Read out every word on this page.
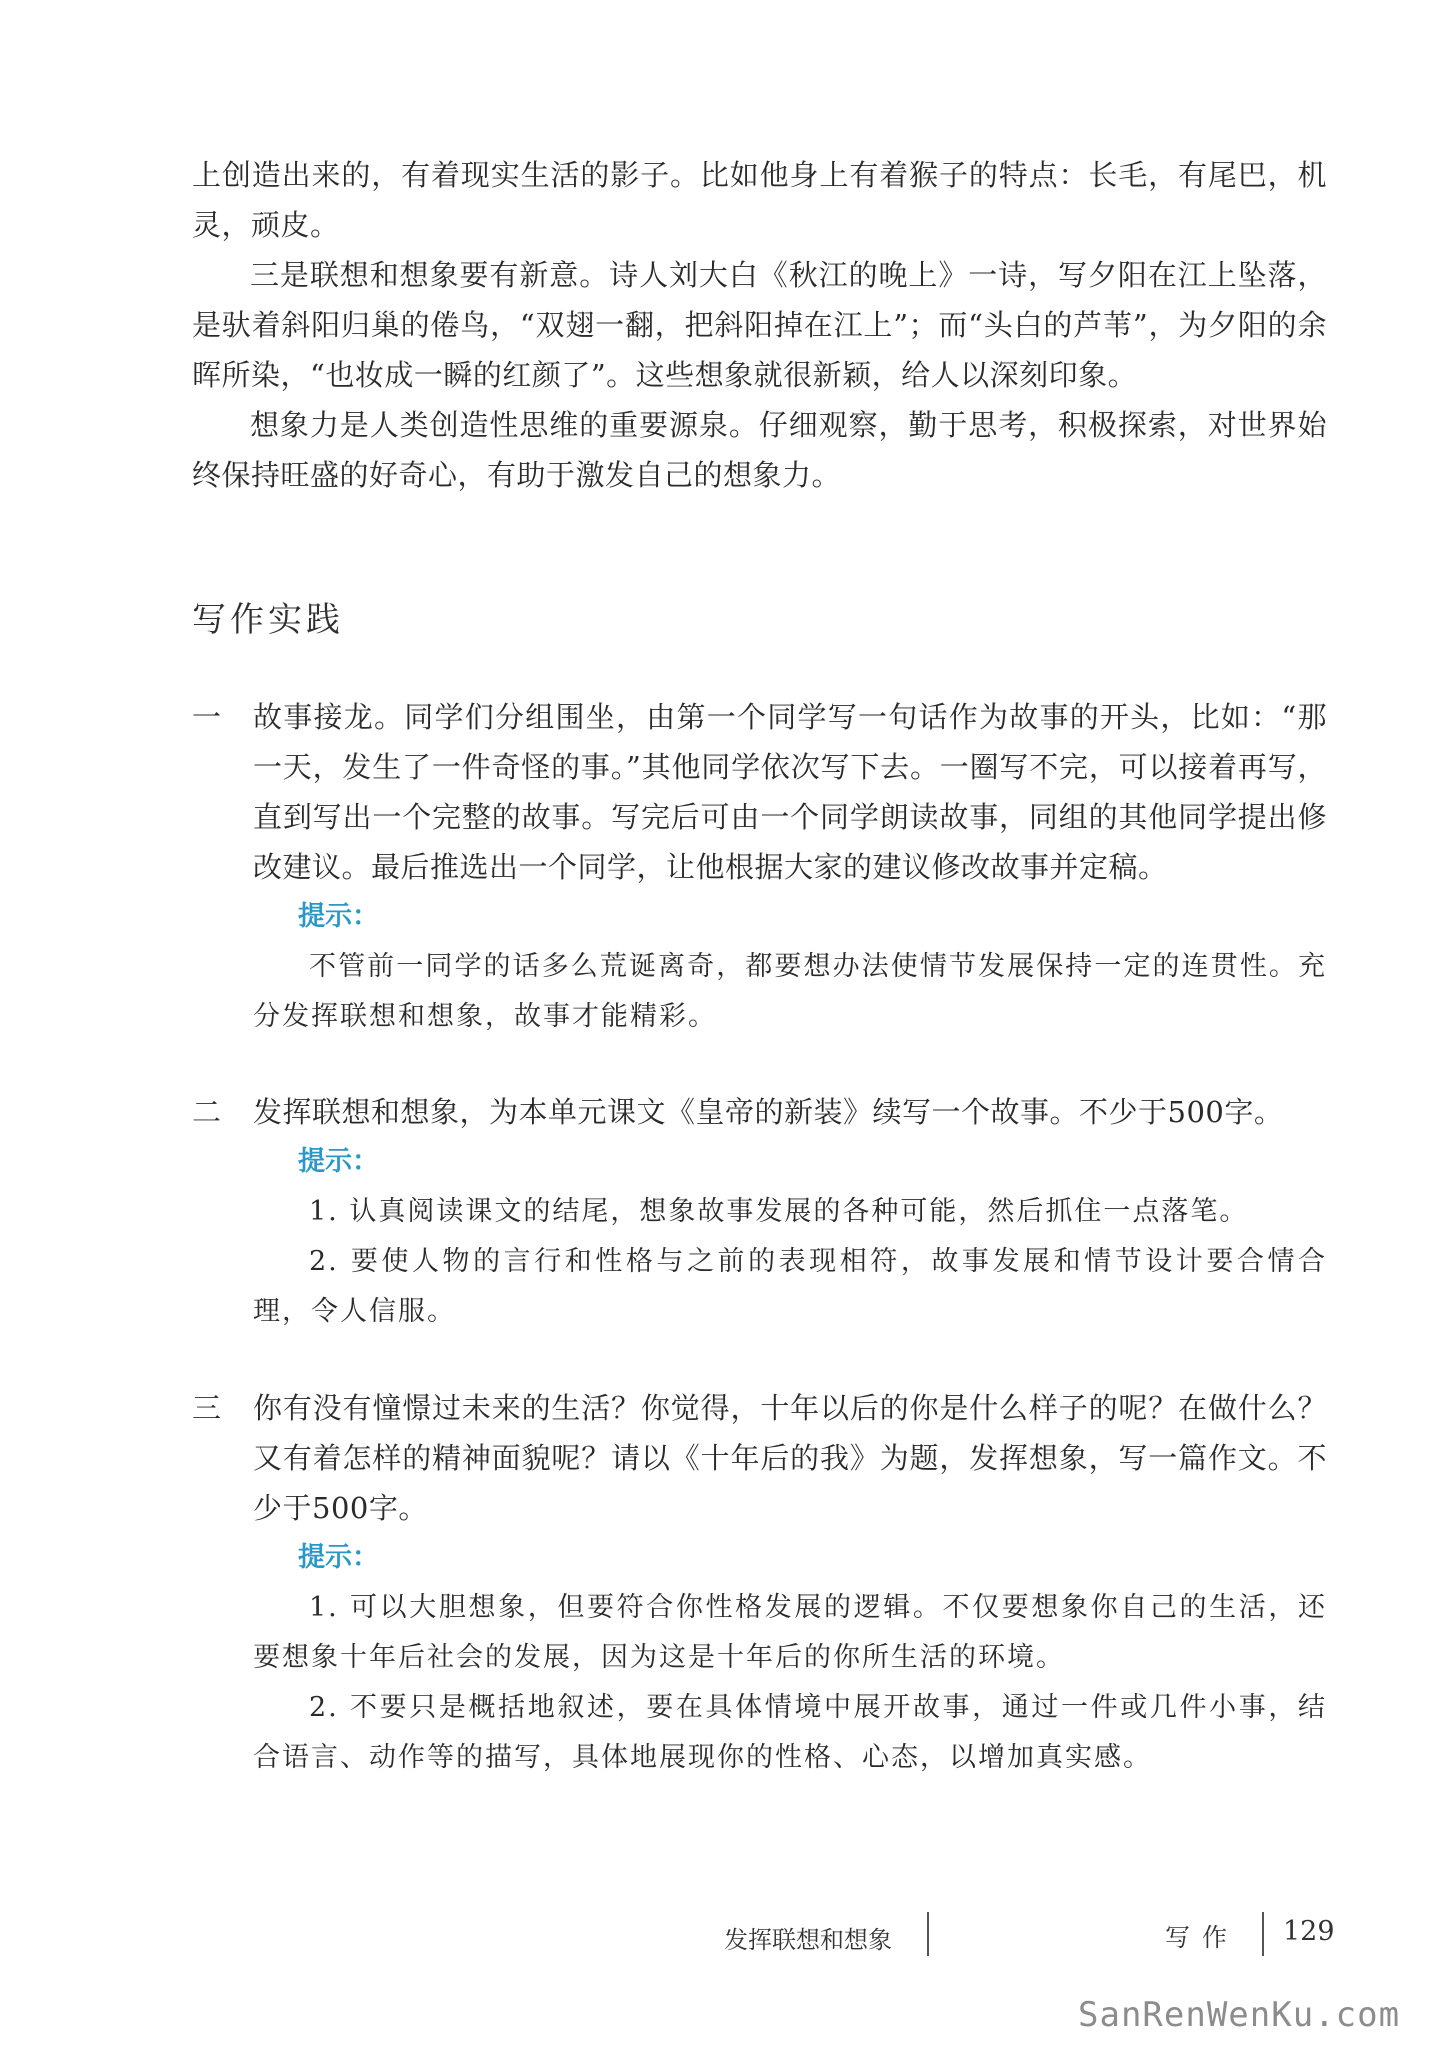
上创造出来的，有着现实生活的影子。比如他身上有着猴子的特点：长毛，有尾巴，机灵，顽皮。

三是联想和想象要有新意。诗人刘大白《秋江的晚上》一诗，写夕阳在江上坠落，是驮着斜阳归巢的倦鸟，“双翅一翻，把斜阳掉在江上”；而“头白的芦苇”，为夕阳的余晖所染，“也妆成一瞬的红颜了”。这些想象就很新颖，给人以深刻印象。

想象力是人类创造性思维的重要源泉。仔细观察，勤于思考，积极探索，对世界始终保持旺盛的好奇心，有助于激发自己的想象力。

写作实践
一	故事接龙。同学们分组围坐，由第一个同学写一句话作为故事的开头，比如：“那一天，发生了一件奇怪的事。”其他同学依次写下去。一圈写不完，可以接着再写，直到写出一个完整的故事。写完后可由一个同学朗读故事，同组的其他同学提出修改建议。最后推选出一个同学，让他根据大家的建议修改故事并定稿。

提示：

不管前一同学的话多么荒诞离奇，都要想办法使情节发展保持一定的连贯性。充分发挥联想和想象，故事才能精彩。

二	发挥联想和想象，为本单元课文《皇帝的新装》续写一个故事。不少于500字。

提示：

1. 认真阅读课文的结尾，想象故事发展的各种可能，然后抓住一点落笔。

2. 要使人物的言行和性格与之前的表现相符，故事发展和情节设计要合情合理，令人信服。

三	你有没有憧憬过未来的生活？你觉得，十年以后的你是什么样子的呢？在做什么？又有着怎样的精神面貌呢？请以《十年后的我》为题，发挥想象，写一篇作文。不少于500字。

提示：

1. 可以大胆想象，但要符合你性格发展的逻辑。不仅要想象你自己的生活，还要想象十年后社会的发展，因为这是十年后的你所生活的环境。

2. 不要只是概括地叙述，要在具体情境中展开故事，通过一件或几件小事，结合语言、动作等的描写，具体地展现你的性格、心态，以增加真实感。

发挥联想和想象	写作 129
SanRenWenKu.com
